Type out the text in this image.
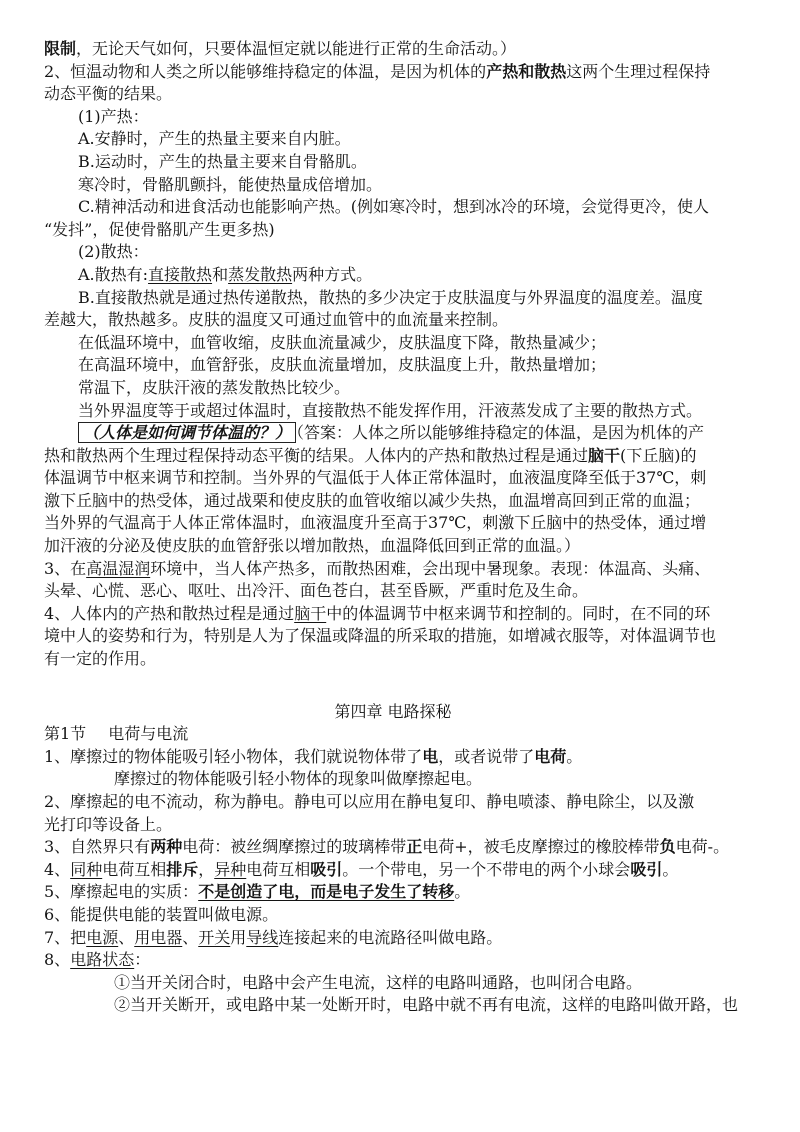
限制，无论天气如何，只要体温恒定就以能进行正常的生命活动。）
2、恒温动物和人类之所以能够维持稳定的体温，是因为机体的产热和散热这两个生理过程保持
动态平衡的结果。
(1)产热：
A.安静时，产生的热量主要来自内脏。
B.运动时，产生的热量主要来自骨骼肌。
寒冷时，骨骼肌颤抖，能使热量成倍增加。
C.精神活动和进食活动也能影响产热。(例如寒冷时，想到冰冷的环境，会觉得更冷，使人
“发抖”，促使骨骼肌产生更多热)
(2)散热：
A.散热有:直接散热和蒸发散热两种方式。
B.直接散热就是通过热传递散热，散热的多少决定于皮肤温度与外界温度的温度差。温度
差越大，散热越多。皮肤的温度又可通过血管中的血流量来控制。
在低温环境中，血管收缩，皮肤血流量减少，皮肤温度下降，散热量减少；
在高温环境中，血管舒张，皮肤血流量增加，皮肤温度上升，散热量增加；
常温下，皮肤汗液的蒸发散热比较少。
当外界温度等于或超过体温时，直接散热不能发挥作用，汗液蒸发成了主要的散热方式。
（人体是如何调节体温的？） （答案：人体之所以能够维持稳定的体温，是因为机体的产
热和散热两个生理过程保持动态平衡的结果。人体内的产热和散热过程是通过脑干(下丘脑)的
体温调节中枢来调节和控制。当外界的气温低于人体正常体温时，血液温度降至低于37℃，刺
激下丘脑中的热受体，通过战栗和使皮肤的血管收缩以减少失热，血温增高回到正常的血温；
当外界的气温高于人体正常体温时，血液温度升至高于37℃，刺激下丘脑中的热受体，通过增
加汗液的分泌及使皮肤的血管舒张以增加散热，血温降低回到正常的血温。）
3、在高温湿润环境中，当人体产热多，而散热困难，会出现中暑现象。表现：体温高、头痛、
头晕、心慌、恶心、呕吐、出冷汗、面色苍白，甚至昏厥，严重时危及生命。
4、人体内的产热和散热过程是通过脑干中的体温调节中枢来调节和控制的。同时，在不同的环
境中人的姿势和行为，特别是人为了保温或降温的所采取的措施，如增减衣服等，对体温调节也
有一定的作用。
第四章 电路探秘
第1节 电荷与电流
1、摩擦过的物体能吸引轻小物体，我们就说物体带了电，或者说带了电荷。
摩擦过的物体能吸引轻小物体的现象叫做摩擦起电。
2、摩擦起的电不流动，称为静电。静电可以应用在静电复印、静电喷漆、静电除尘，以及激
光打印等设备上。
3、自然界只有两种电荷：被丝绸摩擦过的玻璃棒带正电荷+，被毛皮摩擦过的橡胶棒带负电荷-。
4、同种电荷互相排斥，异种电荷互相吸引。一个带电，另一个不带电的两个小球会吸引。
5、摩擦起电的实质：不是创造了电，而是电子发生了转移。
6、能提供电能的装置叫做电源。
7、把电源、用电器、开关用导线连接起来的电流路径叫做电路。
8、电路状态：
①当开关闭合时，电路中会产生电流，这样的电路叫通路，也叫闭合电路。
②当开关断开，或电路中某一处断开时，电路中就不再有电流，这样的电路叫做开路，也
